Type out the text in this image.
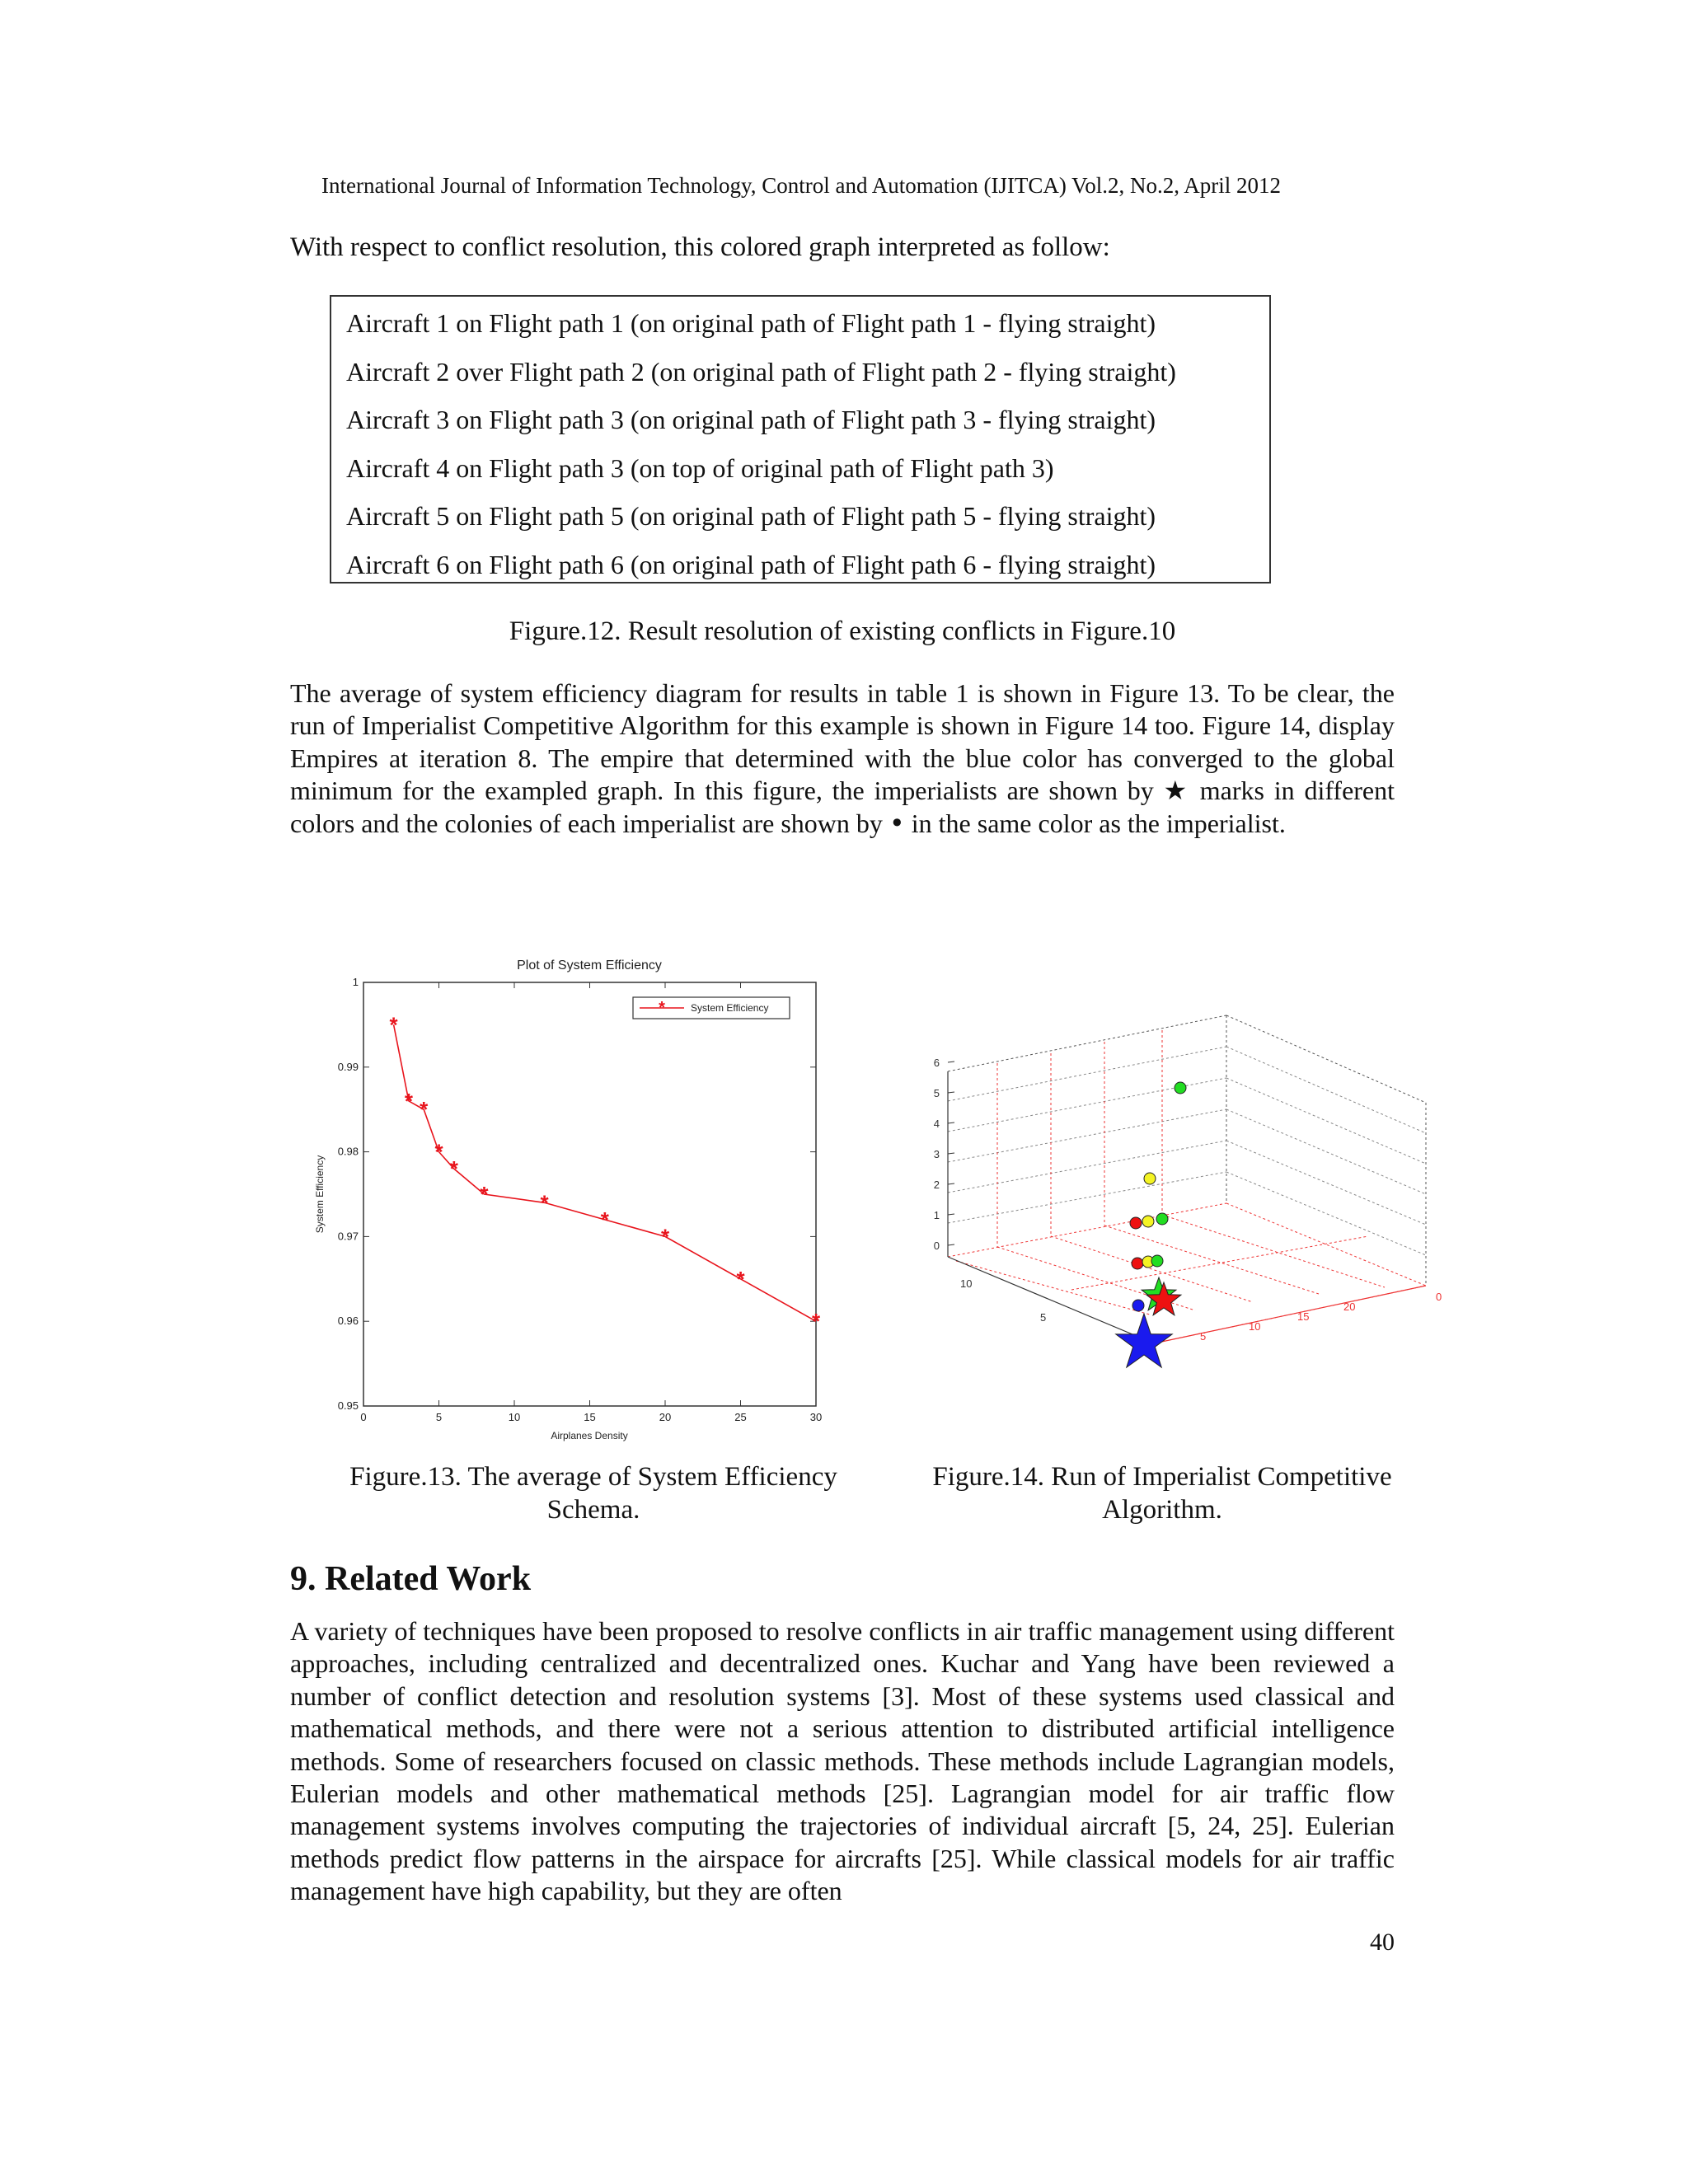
International Journal of Information Technology, Control and Automation (IJITCA) Vol.2, No.2, April 2012
With respect to conflict resolution, this colored graph interpreted as follow:
Aircraft 1 on Flight path 1 (on original path of Flight path 1 - flying straight)
Aircraft 2 over Flight path 2 (on original path of Flight path 2 - flying straight)
Aircraft 3 on Flight path 3 (on original path of Flight path 3 - flying straight)
Aircraft 4 on Flight path 3 (on top of original path of Flight path 3)
Aircraft 5 on Flight path 5 (on original path of Flight path 5 - flying straight)
Aircraft 6 on Flight path 6 (on original path of Flight path 6 - flying straight)
Figure.12. Result resolution of existing conflicts in Figure.10

The average of system efficiency diagram for results in table 1 is shown in Figure 13. To be clear, the run of Imperialist Competitive Algorithm for this example is shown in Figure 14 too. Figure 14, display Empires at iteration 8. The empire that determined with the blue color has converged to the global minimum for the exampled graph. In this figure, the imperialists are shown by ★ marks in different colors and the colonies of each imperialist are shown by • in the same color as the imperialist.

Plot of System Efficiency
0.95
0.96
0.97
0.98
0.99
1
0	5	10	15	20	25	30
Airplanes Density
System Efficiency
*
* *
*
*
* *
*
*
*
*
*	System Efficiency
0
1
2
3
4
5
6
10
5
5
10
15
20
0
Figure.13. The average of System Efficiency Schema.
Figure.14. Run of Imperialist Competitive Algorithm.
9. Related Work

A variety of techniques have been proposed to resolve conflicts in air traffic management using different approaches, including centralized and decentralized ones. Kuchar and Yang have been reviewed a number of conflict detection and resolution systems [3]. Most of these systems used classical and mathematical methods, and there were not a serious attention to distributed artificial intelligence methods. Some of researchers focused on classic methods. These methods include Lagrangian models, Eulerian models and other mathematical methods [25]. Lagrangian model for air traffic flow management systems involves computing the trajectories of individual aircraft [5, 24, 25]. Eulerian methods predict flow patterns in the airspace for aircrafts [25]. While classical models for air traffic management have high capability, but they are often

40
